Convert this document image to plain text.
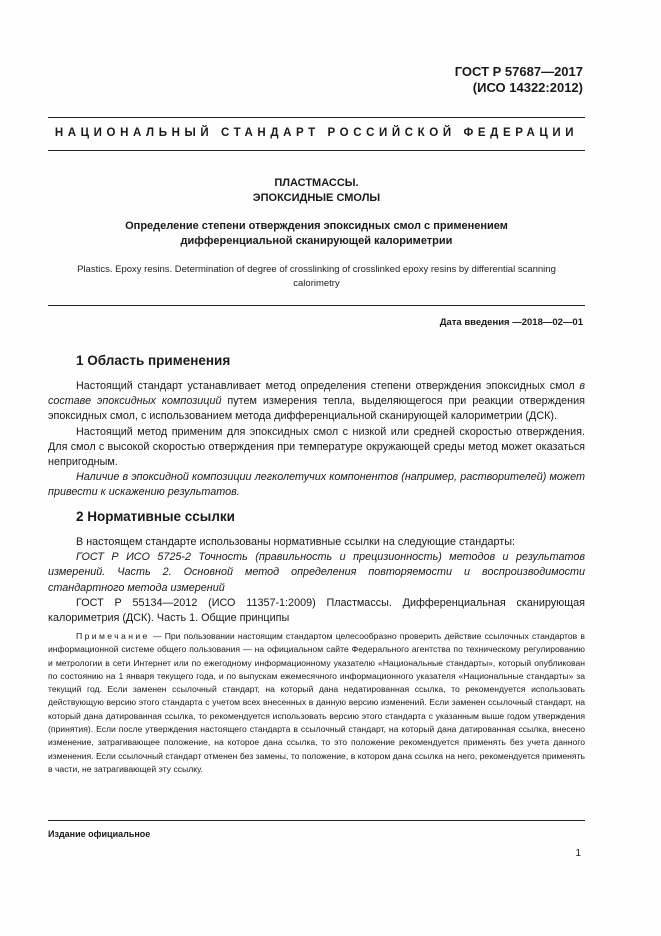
ГОСТ Р 57687—2017
(ИСО 14322:2012)
НАЦИОНАЛЬНЫЙ СТАНДАРТ РОССИЙСКОЙ ФЕДЕРАЦИИ
ПЛАСТМАССЫ.
ЭПОКСИДНЫЕ СМОЛЫ
Определение степени отверждения эпоксидных смол с применением
дифференциальной сканирующей калориметрии
Plastics. Epoxy resins. Determination of degree of crosslinking of crosslinked epoxy resins by differential scanning
calorimetry
Дата введения —2018—02—01
1 Область применения

Настоящий стандарт устанавливает метод определения степени отверждения эпоксидных смол в составе эпоксидных композиций путем измерения тепла, выделяющегося при реакции отверждения эпоксидных смол, с использованием метода дифференциальной сканирующей калориметрии (ДСК).

Настоящий метод применим для эпоксидных смол с низкой или средней скоростью отверждения. Для смол с высокой скоростью отверждения при температуре окружающей среды метод может оказаться непригодным.

Наличие в эпоксидной композиции легколетучих компонентов (например, растворителей) может привести к искажению результатов.

2 Нормативные ссылки

В настоящем стандарте использованы нормативные ссылки на следующие стандарты:

ГОСТ Р ИСО 5725-2 Точность (правильность и прецизионность) методов и результатов измерений. Часть 2. Основной метод определения повторяемости и воспроизводимости стандартного метода измерений

ГОСТ Р 55134—2012 (ИСО 11357-1:2009) Пластмассы. Дифференциальная сканирующая калориметрия (ДСК). Часть 1. Общие принципы

Примечание — При пользовании настоящим стандартом целесообразно проверить действие ссылочных стандартов в информационной системе общего пользования — на официальном сайте Федерального агентства по техническому регулированию и метрологии в сети Интернет или по ежегодному информационному указателю «Национальные стандарты», который опубликован по состоянию на 1 января текущего года, и по выпускам ежемесячного информационного указателя «Национальные стандарты» за текущий год. Если заменен ссылочный стандарт, на который дана недатированная ссылка, то рекомендуется использовать действующую версию этого стандарта с учетом всех внесенных в данную версию изменений. Если заменен ссылочный стандарт, на который дана датированная ссылка, то рекомендуется использовать версию этого стандарта с указанным выше годом утверждения (принятия). Если после утверждения настоящего стандарта в ссылочный стандарт, на который дана датированная ссылка, внесено изменение, затрагивающее положение, на которое дана ссылка, то это положение рекомендуется применять без учета данного изменения. Если ссылочный стандарт отменен без замены, то положение, в котором дана ссылка на него, рекомендуется применять в части, не затрагивающей эту ссылку.
Издание официальное
1
